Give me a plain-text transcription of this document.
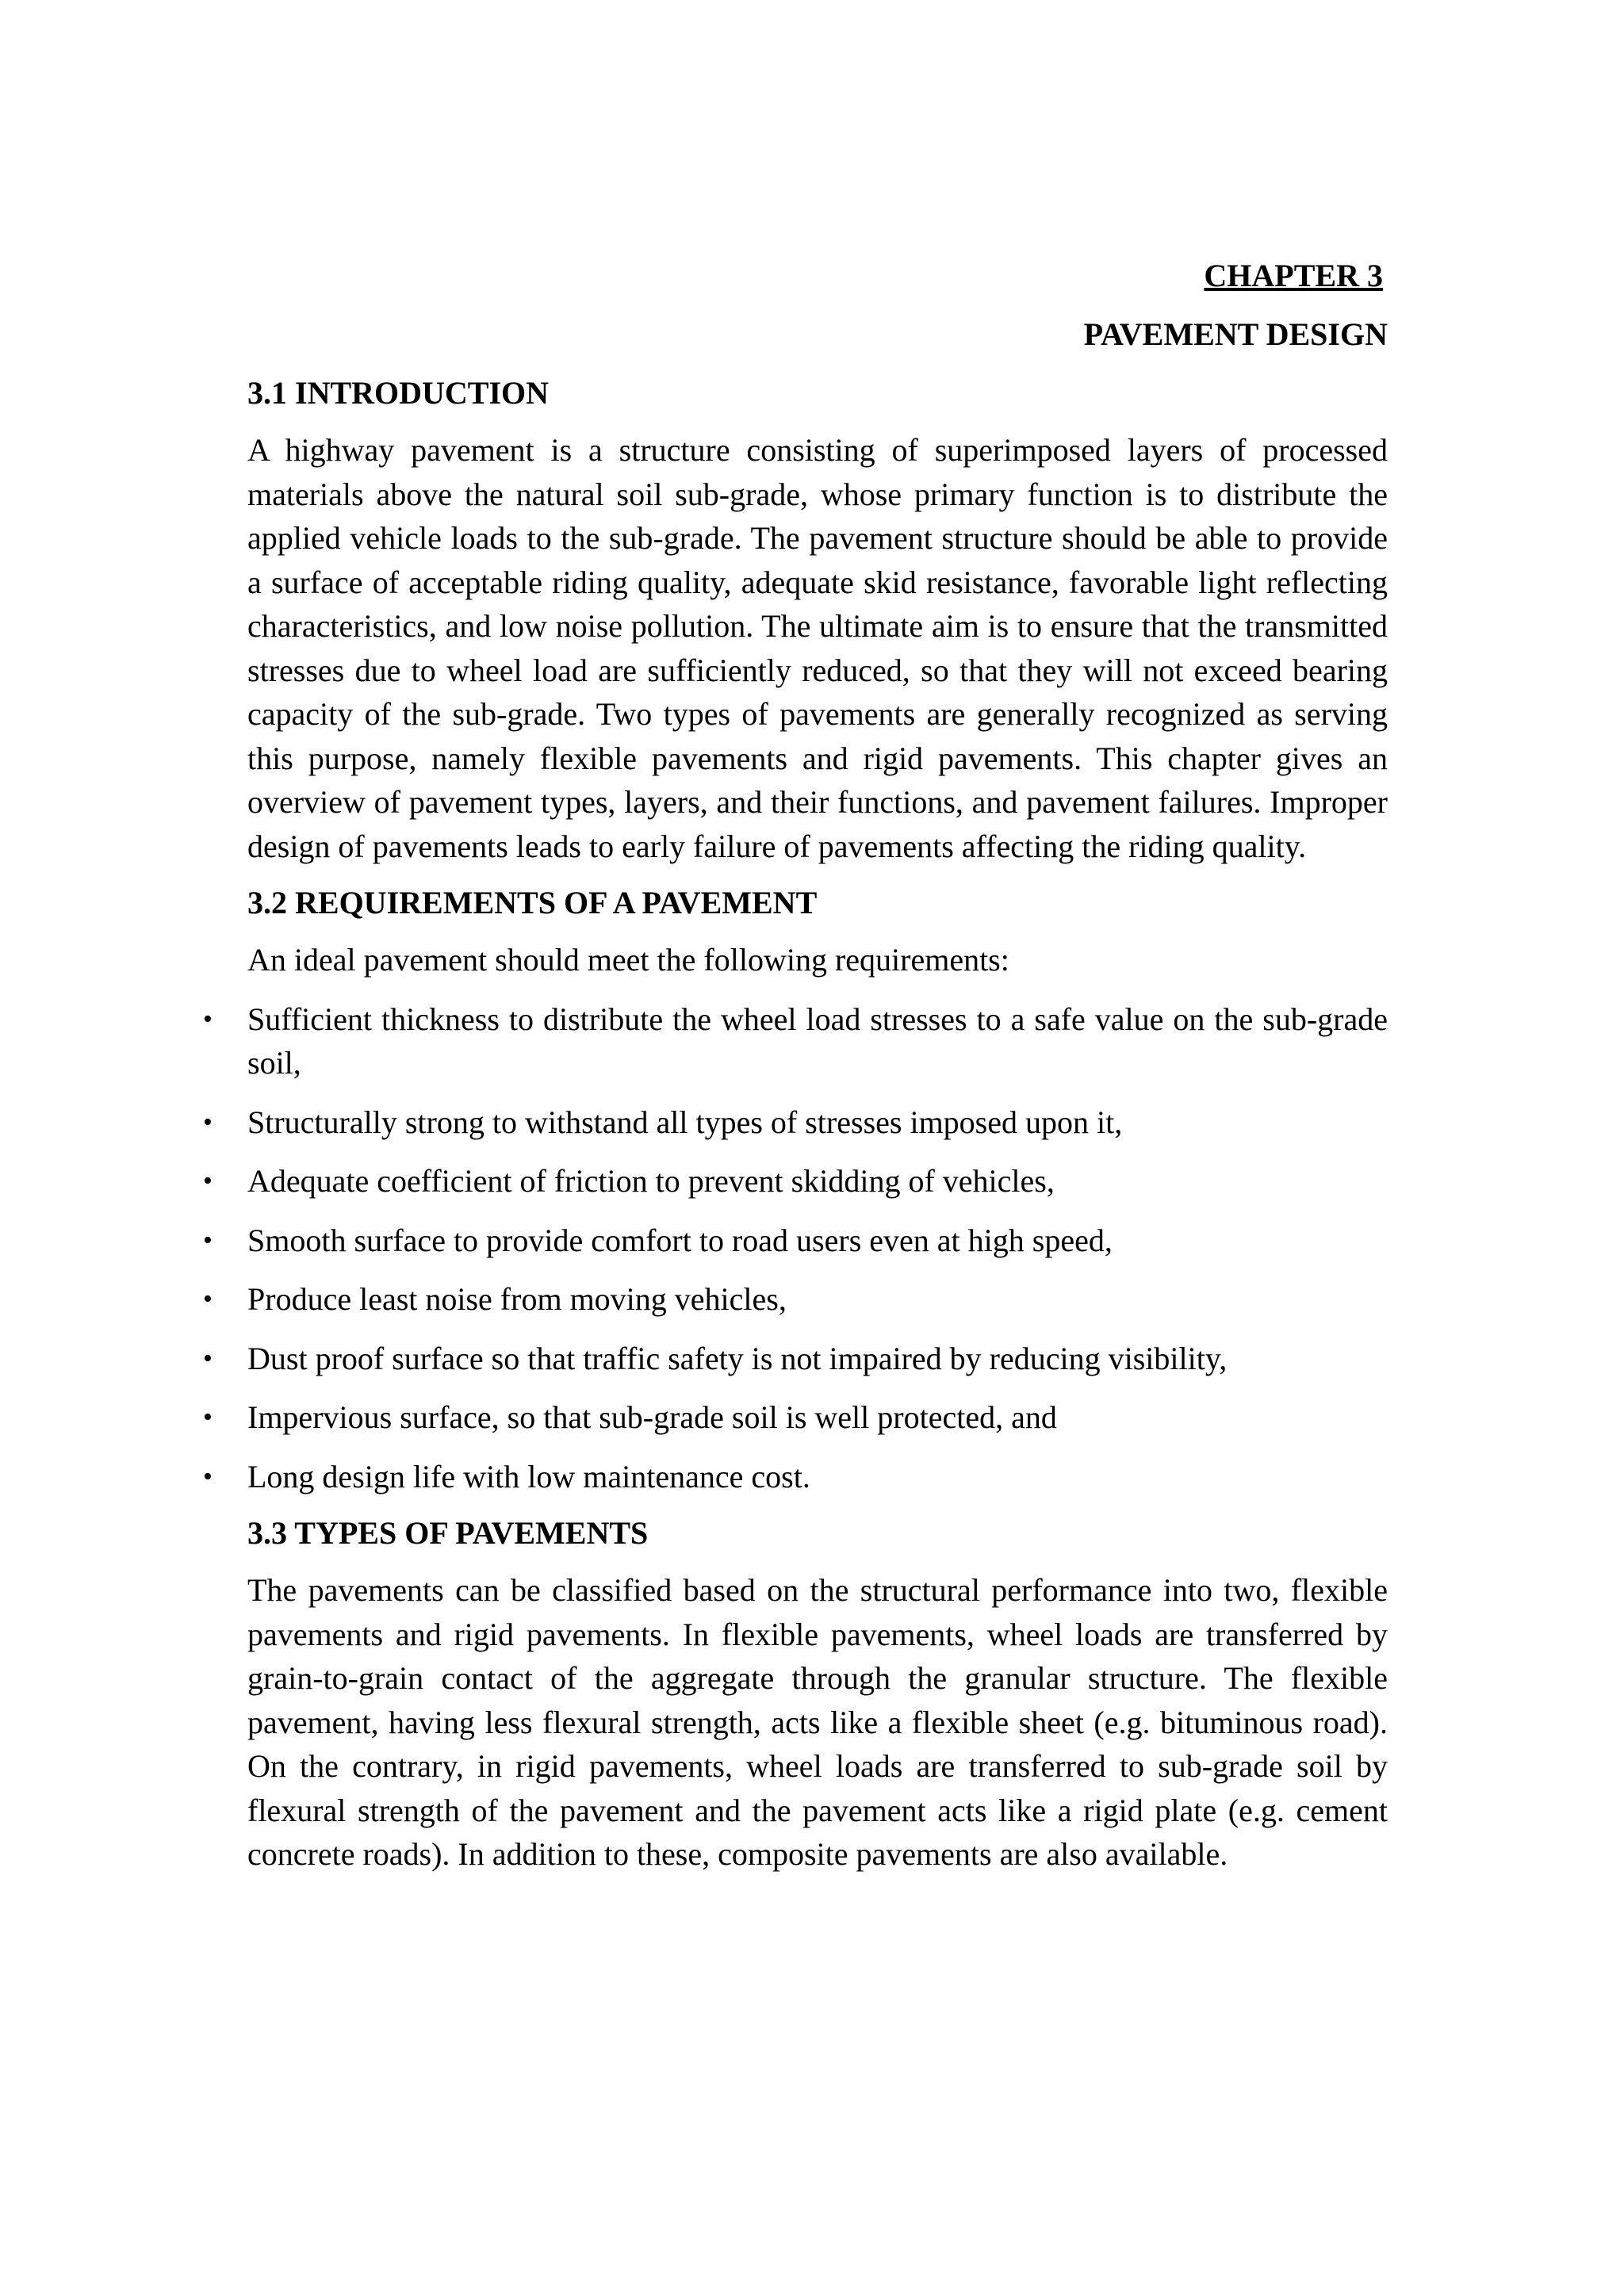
CHAPTER 3
PAVEMENT DESIGN
3.1 INTRODUCTION

A highway pavement is a structure consisting of superimposed layers of processed materials above the natural soil sub-grade, whose primary function is to distribute the applied vehicle loads to the sub-grade. The pavement structure should be able to provide a surface of acceptable riding quality, adequate skid resistance, favorable light reflecting characteristics, and low noise pollution. The ultimate aim is to ensure that the transmitted stresses due to wheel load are sufficiently reduced, so that they will not exceed bearing capacity of the sub-grade. Two types of pavements are generally recognized as serving this purpose, namely flexible pavements and rigid pavements. This chapter gives an overview of pavement types, layers, and their functions, and pavement failures. Improper design of pavements leads to early failure of pavements affecting the riding quality.

3.2 REQUIREMENTS OF A PAVEMENT

An ideal pavement should meet the following requirements:

• Sufficient thickness to distribute the wheel load stresses to a safe value on the sub-grade soil,
• Structurally strong to withstand all types of stresses imposed upon it,
• Adequate coefficient of friction to prevent skidding of vehicles,
• Smooth surface to provide comfort to road users even at high speed,
• Produce least noise from moving vehicles,
• Dust proof surface so that traffic safety is not impaired by reducing visibility,
• Impervious surface, so that sub-grade soil is well protected, and
• Long design life with low maintenance cost.
3.3 TYPES OF PAVEMENTS

The pavements can be classified based on the structural performance into two, flexible pavements and rigid pavements. In flexible pavements, wheel loads are transferred by grain-to-grain contact of the aggregate through the granular structure. The flexible pavement, having less flexural strength, acts like a flexible sheet (e.g. bituminous road). On the contrary, in rigid pavements, wheel loads are transferred to sub-grade soil by flexural strength of the pavement and the pavement acts like a rigid plate (e.g. cement concrete roads). In addition to these, composite pavements are also available.
